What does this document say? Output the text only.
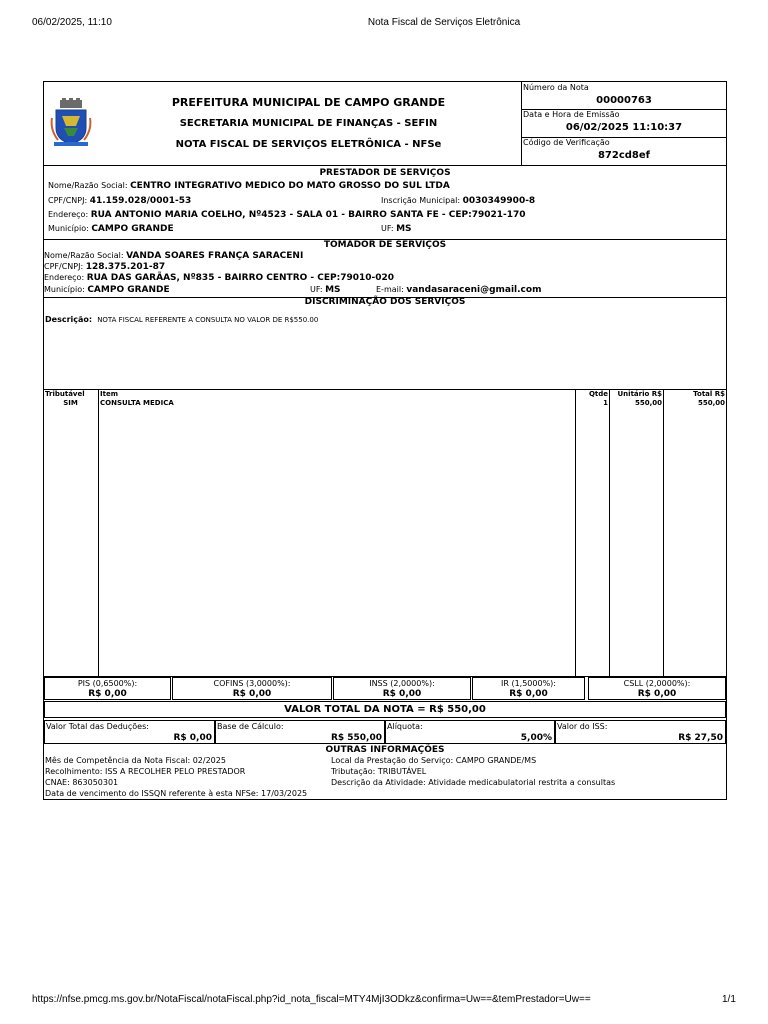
06/02/2025, 11:10	Nota Fiscal de Serviços Eletrônica
https://nfse.pmcg.ms.gov.br/NotaFiscal/notaFiscal.php?id_nota_fiscal=MTY4MjI3ODkz&confirma=Uw==&temPrestador=Uw==	1/1
PREFEITURA MUNICIPAL DE CAMPO GRANDE
SECRETARIA MUNICIPAL DE FINANÇAS - SEFIN
NOTA FISCAL DE SERVIÇOS ELETRÔNICA - NFSe
Número da Nota
00000763
Data e Hora de Emissão
06/02/2025 11:10:37
Código de Verificação
872cd8ef
PRESTADOR DE SERVIÇOS
Nome/Razão Social: CENTRO INTEGRATIVO MEDICO DO MATO GROSSO DO SUL LTDA
CPF/CNPJ: 41.159.028/0001-53	Inscrição Municipal: 0030349900-8
Endereço: RUA ANTONIO MARIA COELHO, Nº4523 - SALA 01 - BAIRRO SANTA FE - CEP:79021-170
Município: CAMPO GRANDE	UF: MS
TOMADOR DE SERVIÇOS
Nome/Razão Social: VANDA SOARES FRANÇA SARACENI
CPF/CNPJ: 128.375.201-87
Endereço: RUA DAS GARÃAS, Nº835 - BAIRRO CENTRO - CEP:79010-020
Município: CAMPO GRANDE	UF: MS	E-mail: vandasaraceni@gmail.com
DISCRIMINAÇÃO DOS SERVIÇOS
Descrição: NOTA FISCAL REFERENTE A CONSULTA NO VALOR DE R$550.00
Tributável Item	Qtde	Unitário R$	Total R$
SIM	CONSULTA MEDICA	1	550,00	550,00
PIS (0,6500%):
R$ 0,00
COFINS (3,0000%):
R$ 0,00
INSS (2,0000%):
R$ 0,00
IR (1,5000%):
R$ 0,00
CSLL (2,0000%):
R$ 0,00
VALOR TOTAL DA NOTA = R$ 550,00
Valor Total das Deduções:
R$ 0,00
Base de Cálculo:
R$ 550,00
Alíquota:
5,00%
Valor do ISS:
R$ 27,50
OUTRAS INFORMAÇÕES
Mês de Competência da Nota Fiscal: 02/2025
Recolhimento: ISS A RECOLHER PELO PRESTADOR
CNAE: 863050301
Data de vencimento do ISSQN referente à esta NFSe: 17/03/2025
Local da Prestação do Serviço: CAMPO GRANDE/MS
Tributação: TRIBUTÁVEL
Descrição da Atividade: Atividade medicabulatorial restrita a consultas
